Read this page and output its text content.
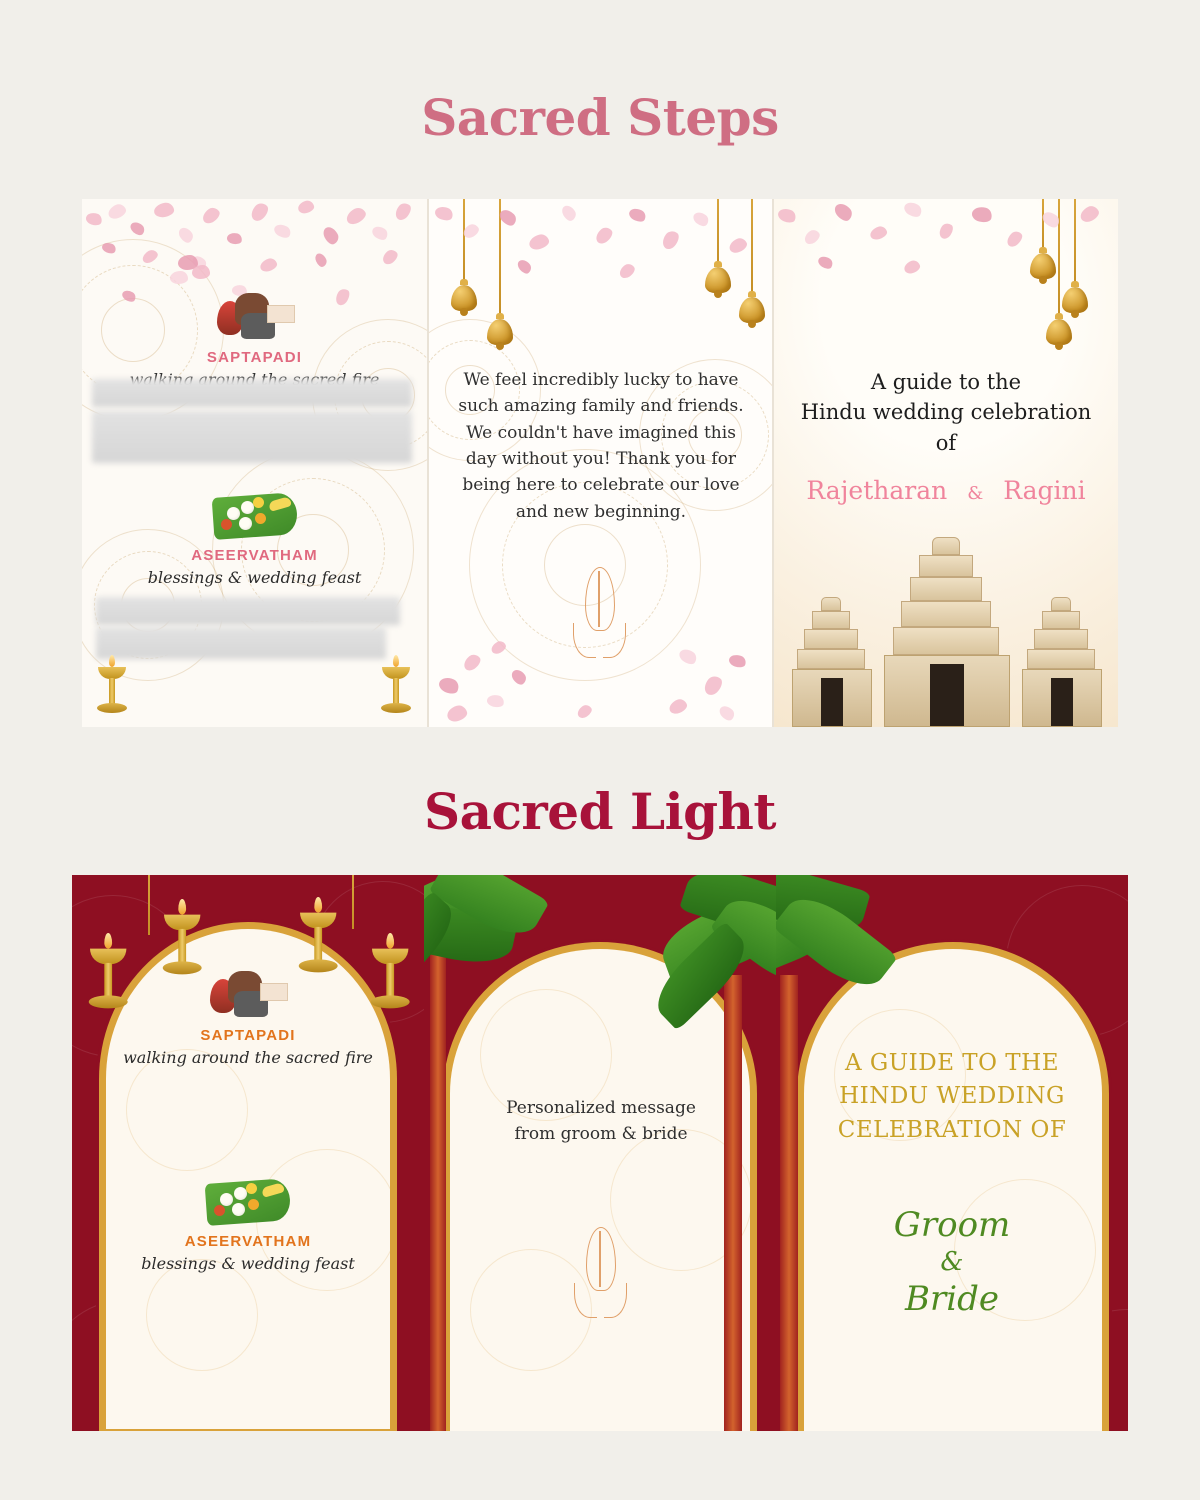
Sacred Steps
SAPTAPADI
ASEERVATHAM
blessings & wedding feast
We feel incredibly lucky to have such amazing family and friends. We couldn't have imagined this day without you! Thank you for being here to celebrate our love and new beginning.
A guide to the
Hindu wedding celebration
of
Rajetharan & Ragini
Sacred Light
SAPTAPADI
walking around the sacred fire
ASEERVATHAM
blessings & wedding feast
Personalized message
from groom & bride
A GUIDE TO THE
HINDU WEDDING
CELEBRATION OF
Groom
&
Bride
